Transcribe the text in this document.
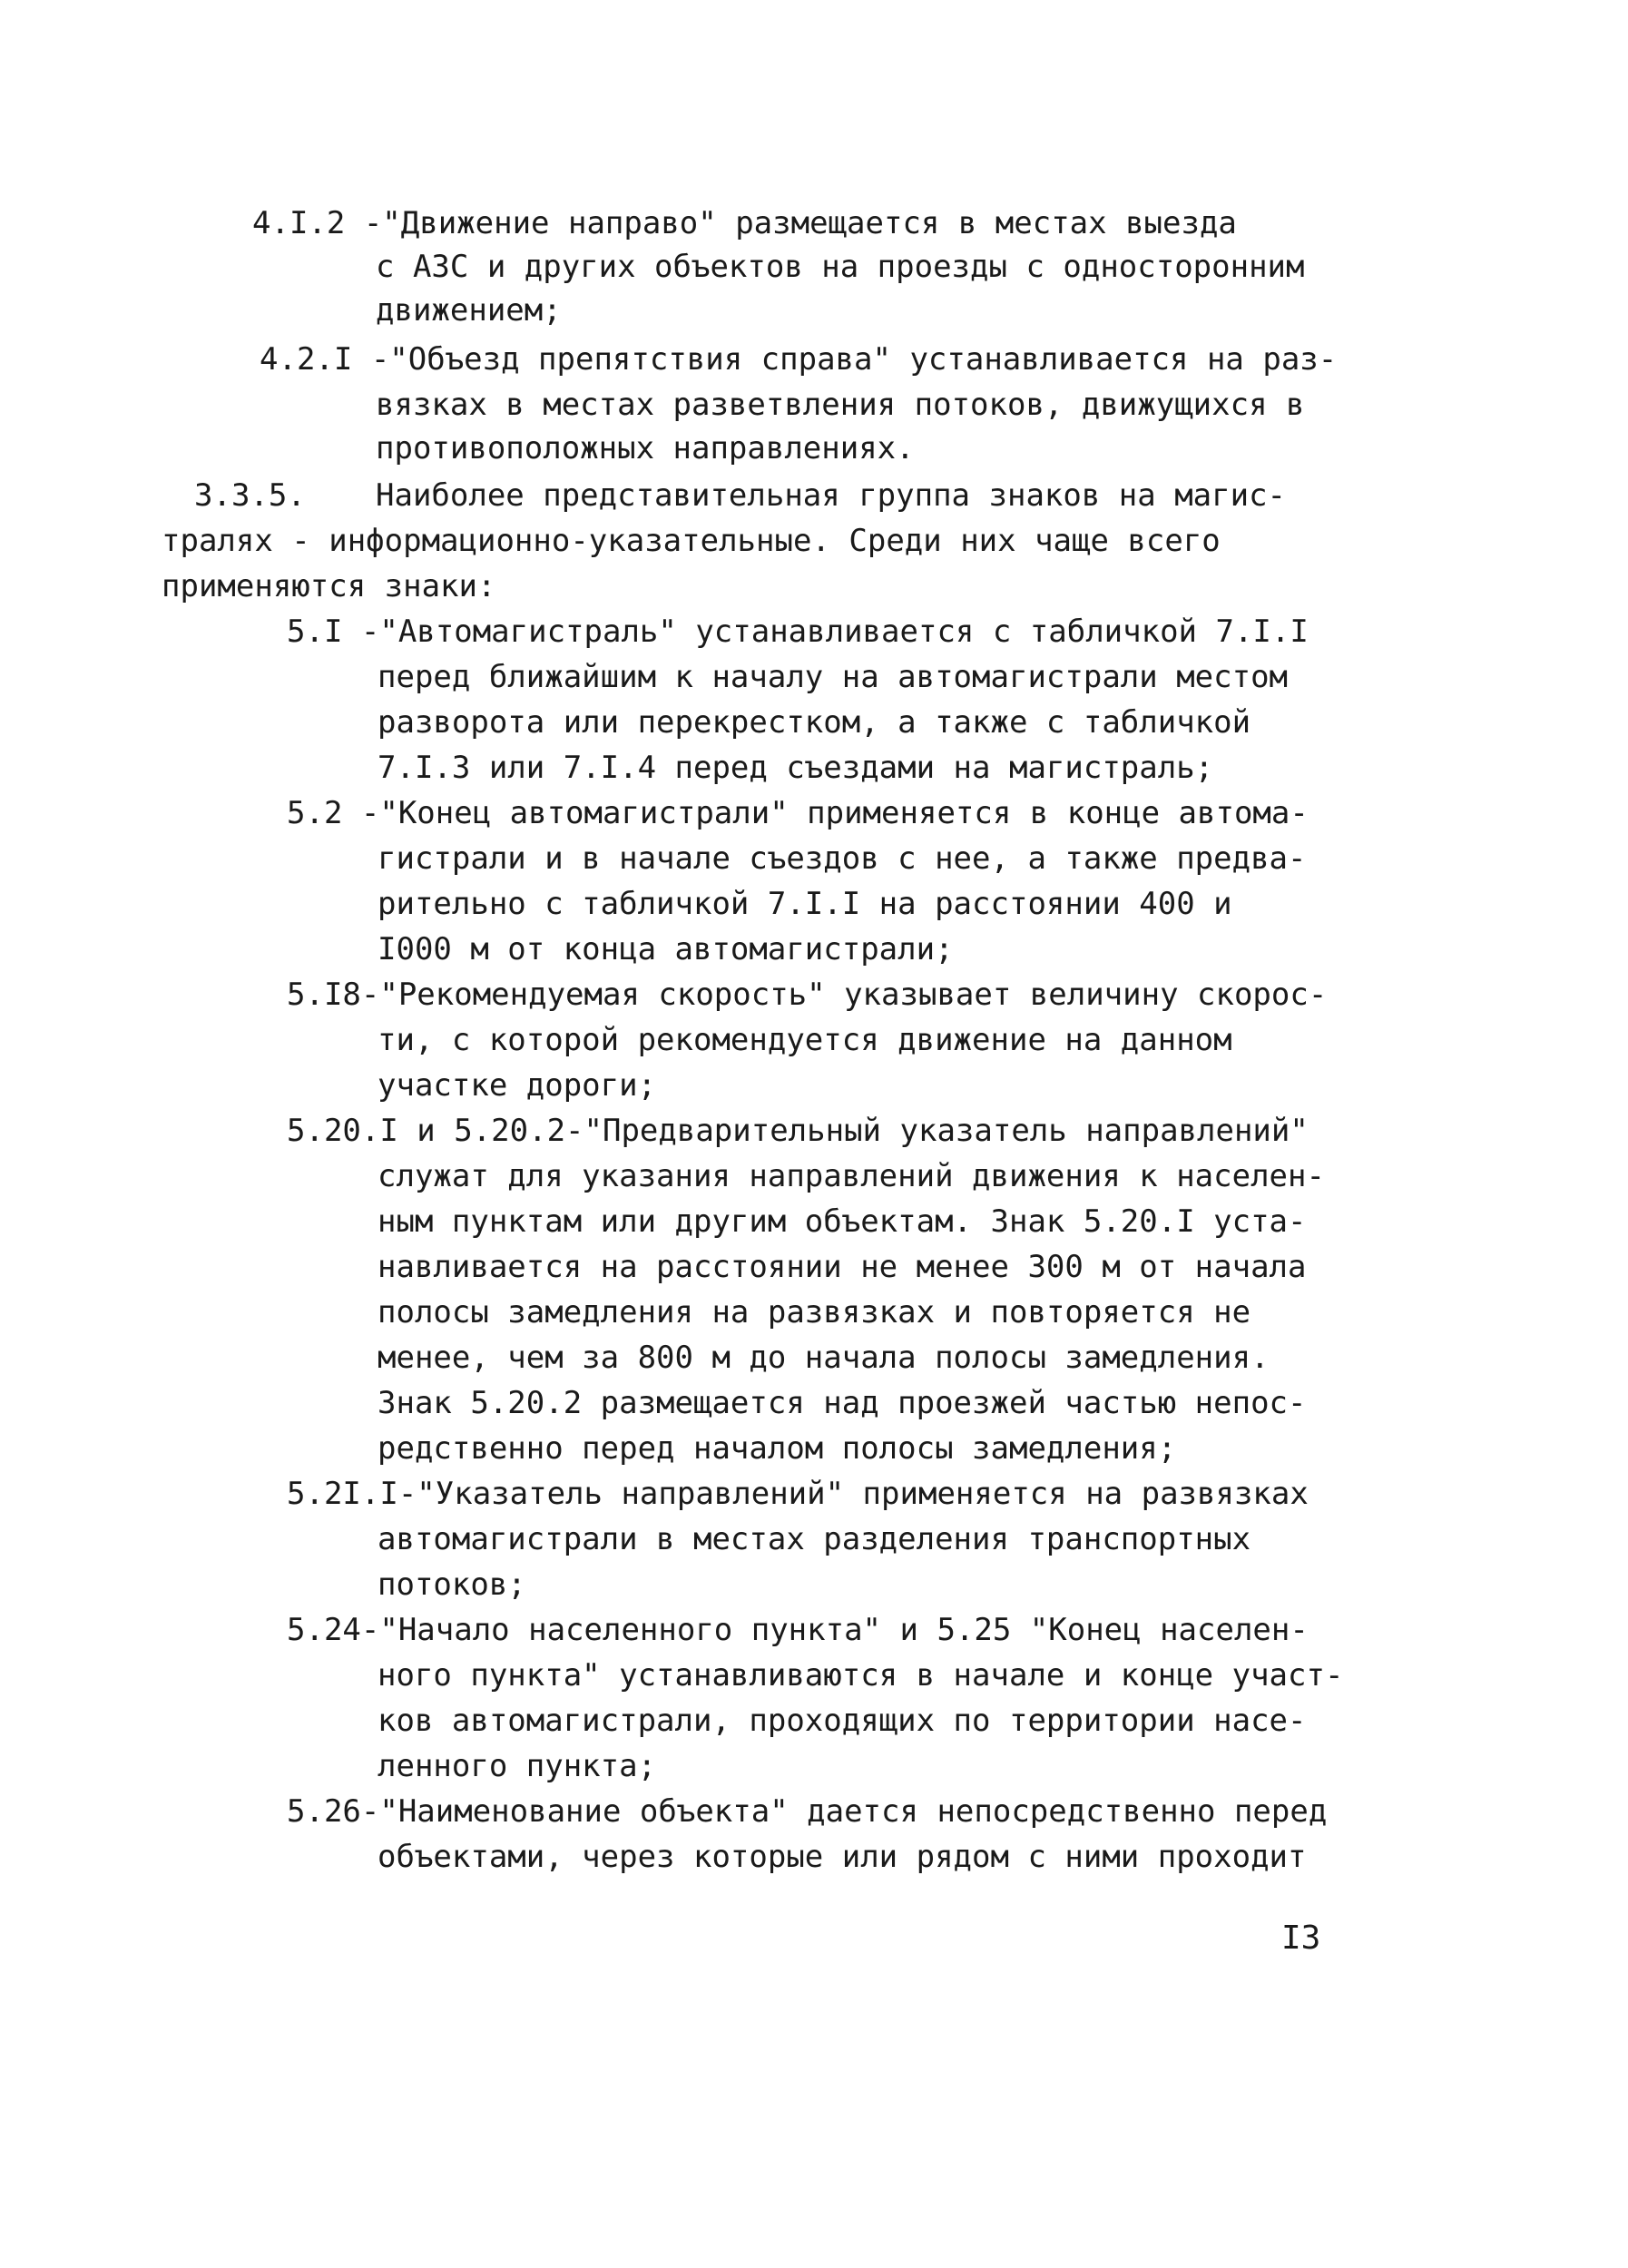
4.I.2 -"Движение направо" размещается в местах выезда
с АЗС и других объектов на проезды с односторонним
движением;
4.2.I -"Объезд препятствия справа" устанавливается на раз-
вязках в местах разветвления потоков, движущихся в
противоположных направлениях.
3.3.5. Наиболее представительная группа знаков на магис-
тралях - информационно-указательные. Среди них чаще всего
применяются знаки:
5.I -"Автомагистраль" устанавливается с табличкой 7.I.I
перед ближайшим к началу на автомагистрали местом
разворота или перекрестком, а также с табличкой
7.I.3 или 7.I.4 перед съездами на магистраль;
5.2 -"Конец автомагистрали" применяется в конце автома-
гистрали и в начале съездов с нее, а также предва-
рительно с табличкой 7.I.I на расстоянии 400 и
I000 м от конца автомагистрали;
5.I8-"Рекомендуемая скорость" указывает величину скорос-
ти, с которой рекомендуется движение на данном
участке дороги;
5.20.I и 5.20.2-"Предварительный указатель направлений"
служат для указания направлений движения к населен-
ным пунктам или другим объектам. Знак 5.20.I уста-
навливается на расстоянии не менее 300 м от начала
полосы замедления на развязках и повторяется не
менее, чем за 800 м до начала полосы замедления.
Знак 5.20.2 размещается над проезжей частью непос-
редственно перед началом полосы замедления;
5.2I.I-"Указатель направлений" применяется на развязках
автомагистрали в местах разделения транспортных
потоков;
5.24-"Начало населенного пункта" и 5.25 "Конец населен-
ного пункта" устанавливаются в начале и конце участ-
ков автомагистрали, проходящих по территории насе-
ленного пункта;
5.26-"Наименование объекта" дается непосредственно перед
объектами, через которые или рядом с ними проходит
I3
